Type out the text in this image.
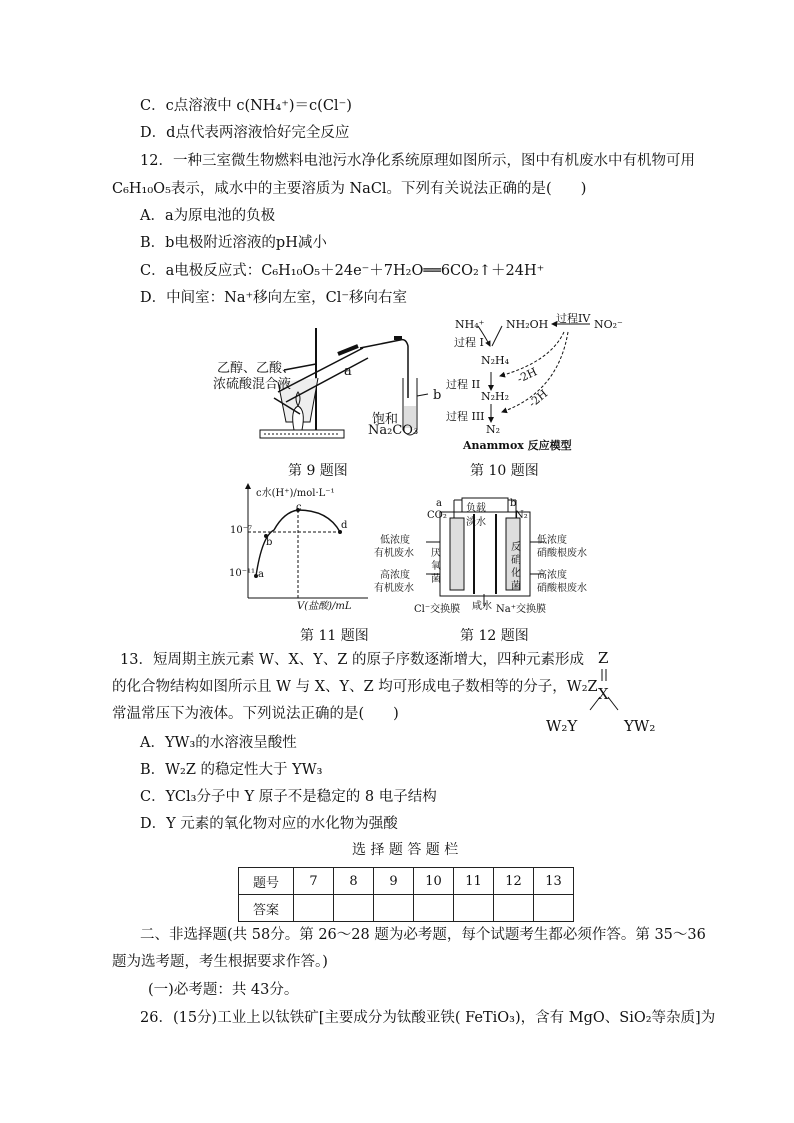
C．c点溶液中 c(NH₄⁺)＝c(Cl⁻)
D．d点代表两溶液恰好完全反应
12．一种三室微生物燃料电池污水净化系统原理如图所示，图中有机废水中有机物可用
C₆H₁₀O₅表示，咸水中的主要溶质为 NaCl。下列有关说法正确的是(　　)
A．a为原电池的负极
B．b电极附近溶液的pH减小
C．a电极反应式：C₆H₁₀O₅＋24e⁻＋7H₂O══6CO₂↑＋24H⁺
D．中间室：Na⁺移向左室，Cl⁻移向右室
乙醇、乙酸、
浓硫酸混合液
a
b
饱和
Na₂CO₃
第 9 题图
NH₄⁺ NH₂OH	NO₂⁻
过程IV
过程 I
N₂H₄
过程 II	-2H
N₂H₂ -2H
过程 III
N₂
Anammox 反应模型
第 10 题图
c水(H⁺)/mol·L⁻¹
V(盐酸)/mL
10⁻⁷
10⁻¹¹ a
b
c
d
第 11 题图
a	b
负载
淡水
CO₂	N₂
低浓度
有机废水
高浓度
有机废水
低浓度
硝酸根废水
高浓度
硝酸根废水
厌
氧
菌
反
硝
化
菌
Cl⁻交换膜 咸水 Na⁺交换膜
第 12 题图
13．短周期主族元素 W、X、Y、Z 的原子序数逐渐增大，四种元素形成
的化合物结构如图所示且 W 与 X、Y、Z 均可形成电子数相等的分子，W₂Z
常温常压下为液体。下列说法正确的是(　　)
A．YW₃的水溶液呈酸性
B．W₂Z 的稳定性大于 YW₃
C．YCl₃分子中 Y 原子不是稳定的 8 电子结构
D．Y 元素的氧化物对应的水化物为强酸
Z
X
W₂Y	YW₂
选 择 题 答 题 栏
题号	7	8	9	10	11	12	13
答案							
二、非选择题(共 58分。第 26～28 题为必考题，每个试题考生都必须作答。第 35～36
题为选考题，考生根据要求作答。)
(一)必考题：共 43分。
26．(15分)工业上以钛铁矿[主要成分为钛酸亚铁( FeTiO₃)，含有 MgO、SiO₂等杂质]为
